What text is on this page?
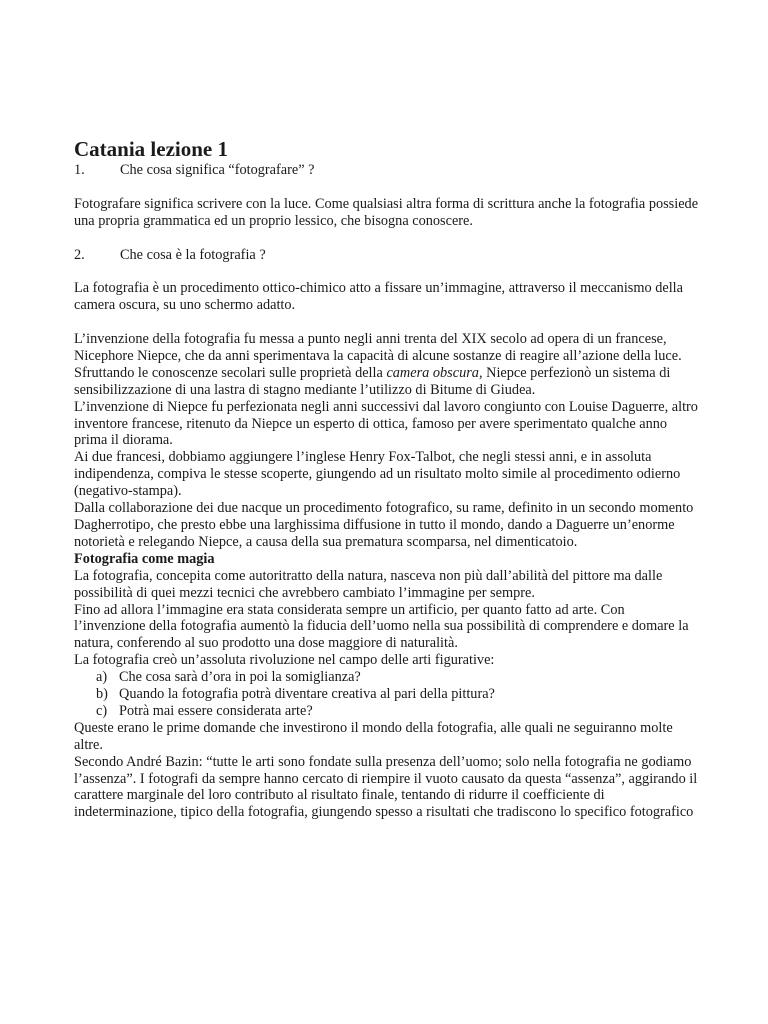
Catania lezione 1
1.	Che cosa significa “fotografare” ?

Fotografare significa scrivere con la luce. Come qualsiasi altra forma di scrittura anche la fotografia possiede una propria grammatica ed un proprio lessico, che bisogna conoscere.

2.	Che cosa è la fotografia ?

La fotografia è un procedimento ottico-chimico atto a fissare un’immagine, attraverso il meccanismo della camera oscura, su uno schermo adatto.

L’invenzione della fotografia fu messa a punto negli anni trenta del XIX secolo ad opera di un francese, Nicephore Niepce, che da anni sperimentava la capacità di alcune sostanze di reagire all’azione della luce. Sfruttando le conoscenze secolari sulle proprietà della camera obscura, Niepce perfezionò un sistema di sensibilizzazione di una lastra di stagno mediante l’utilizzo di Bitume di Giudea.

L’invenzione di Niepce fu perfezionata negli anni successivi dal lavoro congiunto con Louise Daguerre, altro inventore francese, ritenuto da Niepce un esperto di ottica, famoso per avere sperimentato qualche anno prima il diorama.

Ai due francesi, dobbiamo aggiungere l’inglese Henry Fox-Talbot, che negli stessi anni, e in assoluta indipendenza, compiva le stesse scoperte, giungendo ad un risultato molto simile al procedimento odierno (negativo-stampa).

Dalla collaborazione dei due nacque un procedimento fotografico, su rame, definito in un secondo momento Dagherrotipo, che presto ebbe una larghissima diffusione in tutto il mondo, dando a Daguerre un’enorme notorietà e relegando Niepce, a causa della sua prematura scomparsa, nel dimenticatoio.

Fotografia come magia

La fotografia, concepita come autoritratto della natura, nasceva non più dall’abilità del pittore ma dalle possibilità di quei mezzi tecnici che avrebbero cambiato l’immagine per sempre.

Fino ad allora l’immagine era stata considerata sempre un artificio, per quanto fatto ad arte. Con l’invenzione della fotografia aumentò la fiducia dell’uomo nella sua possibilità di comprendere e domare la natura, conferendo al suo prodotto una dose maggiore di naturalità.

La fotografia creò un’assoluta rivoluzione nel campo delle arti figurative:

a) Che cosa sarà d’ora in poi la somiglianza?
b) Quando la fotografia potrà diventare creativa al pari della pittura?
c) Potrà mai essere considerata arte?

Queste erano le prime domande che investirono il mondo della fotografia, alle quali ne seguiranno molte altre.

Secondo André Bazin: “tutte le arti sono fondate sulla presenza dell’uomo; solo nella fotografia ne godiamo l’assenza”. I fotografi da sempre hanno cercato di riempire il vuoto causato da questa “assenza”, aggirando il carattere marginale del loro contributo al risultato finale, tentando di ridurre il coefficiente di indeterminazione, tipico della fotografia, giungendo spesso a risultati che tradiscono lo specifico fotografico
